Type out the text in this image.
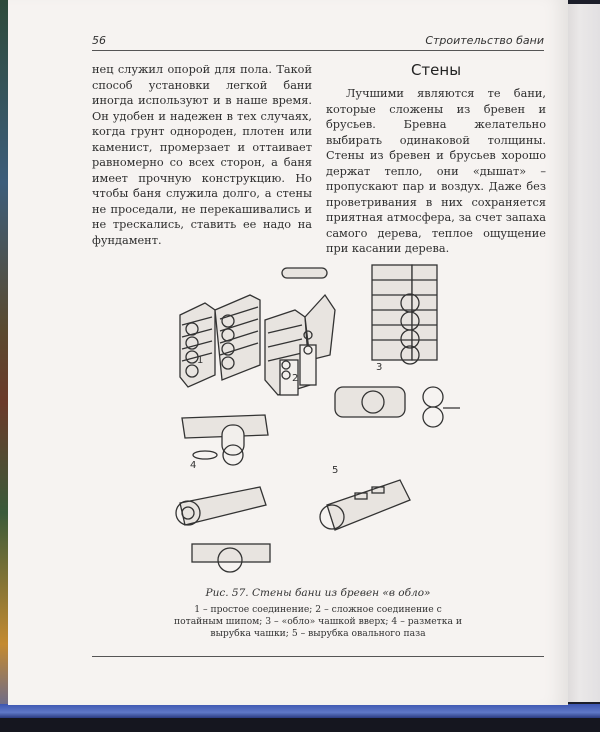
56	Строительство бани

нец служил опорой для пола. Такой способ установки легкой бани иногда используют и в наше время. Он удобен и надежен в тех случаях, когда грунт однороден, плотен или каменист, промерзает и оттаивает равномерно со всех сторон, а баня имеет прочную конструкцию. Но чтобы баня служила долго, а стены не проседали, не перекашивались и не трескались, ставить ее надо на фундамент.

Стены

Лучшими являются те бани, которые сложены из бревен и брусьев. Бревна желательно выбирать одинаковой толщины. Стены из бревен и брусьев хорошо держат тепло, они «дышат» – пропускают пар и воздух. Даже без проветривания в них сохраняется приятная атмосфера, за счет запаха самого дерева, теплое ощущение при касании дерева.

1
2
3
4	5
Рис. 57. Стены бани из бревен «в обло»
1 – простое соединение; 2 – сложное соединение с потайным шипом; 3 – «обло» чашкой вверх; 4 – разметка и вырубка чашки; 5 – вырубка овального паза
